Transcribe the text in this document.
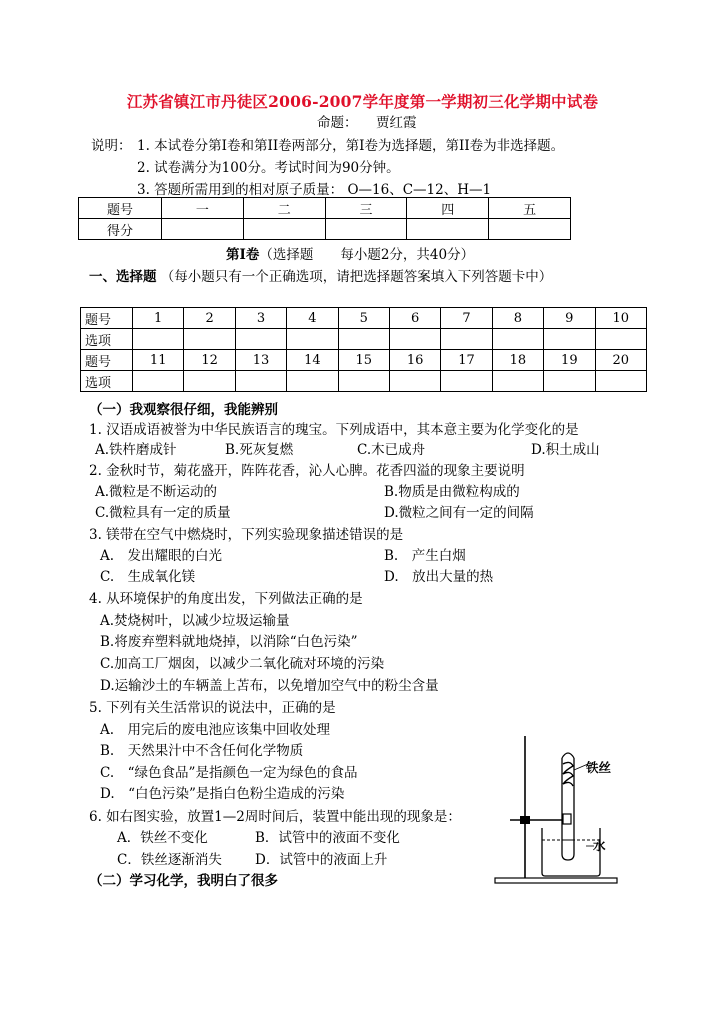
江苏省镇江市丹徒区2006-2007学年度第一学期初三化学期中试卷
命题： 贾红霞
说明： 1. 本试卷分第I卷和第II卷两部分，第I卷为选择题，第II卷为非选择题。
2. 试卷满分为100分。考试时间为90分钟。
3. 答题所需用到的相对原子质量： O—16、C—12、H—1
题号	一	二	三	四	五
得分					
第I卷（选择题　　每小题2分，共40分）
一、选择题 （每小题只有一个正确选项，请把选择题答案填入下列答题卡中）
题号	1	2	3	4	5	6	7	8	9	10
选项										
题号	11	12	13	14	15	16	17	18	19	20
选项										
（一）我观察很仔细，我能辨别
1. 汉语成语被誉为中华民族语言的瑰宝。下列成语中，其本意主要为化学变化的是
A.铁杵磨成针	B.死灰复燃	C.木已成舟	D.积土成山
2. 金秋时节，菊花盛开，阵阵花香，沁人心脾。花香四溢的现象主要说明
A.微粒是不断运动的	B.物质是由微粒构成的
C.微粒具有一定的质量	D.微粒之间有一定的间隔
3. 镁带在空气中燃烧时，下列实验现象描述错误的是
A.　发出耀眼的白光	B.　产生白烟
C.　生成氧化镁	D.　放出大量的热
4. 从环境保护的角度出发，下列做法正确的是
A.焚烧树叶，以减少垃圾运输量
B.将废弃塑料就地烧掉，以消除“白色污染”
C.加高工厂烟囱，以减少二氧化硫对环境的污染
D.运输沙土的车辆盖上苫布，以免增加空气中的粉尘含量
5. 下列有关生活常识的说法中，正确的是
A.　用完后的废电池应该集中回收处理
B.　天然果汁中不含任何化学物质
C.　“绿色食品”是指颜色一定为绿色的食品
D.　“白色污染”是指白色粉尘造成的污染
6. 如右图实验，放置1—2周时间后，装置中能出现的现象是：
A．铁丝不变化	B．试管中的液面不变化
C．铁丝逐渐消失 D．试管中的液面上升
（二）学习化学，我明白了很多
铁丝
水
